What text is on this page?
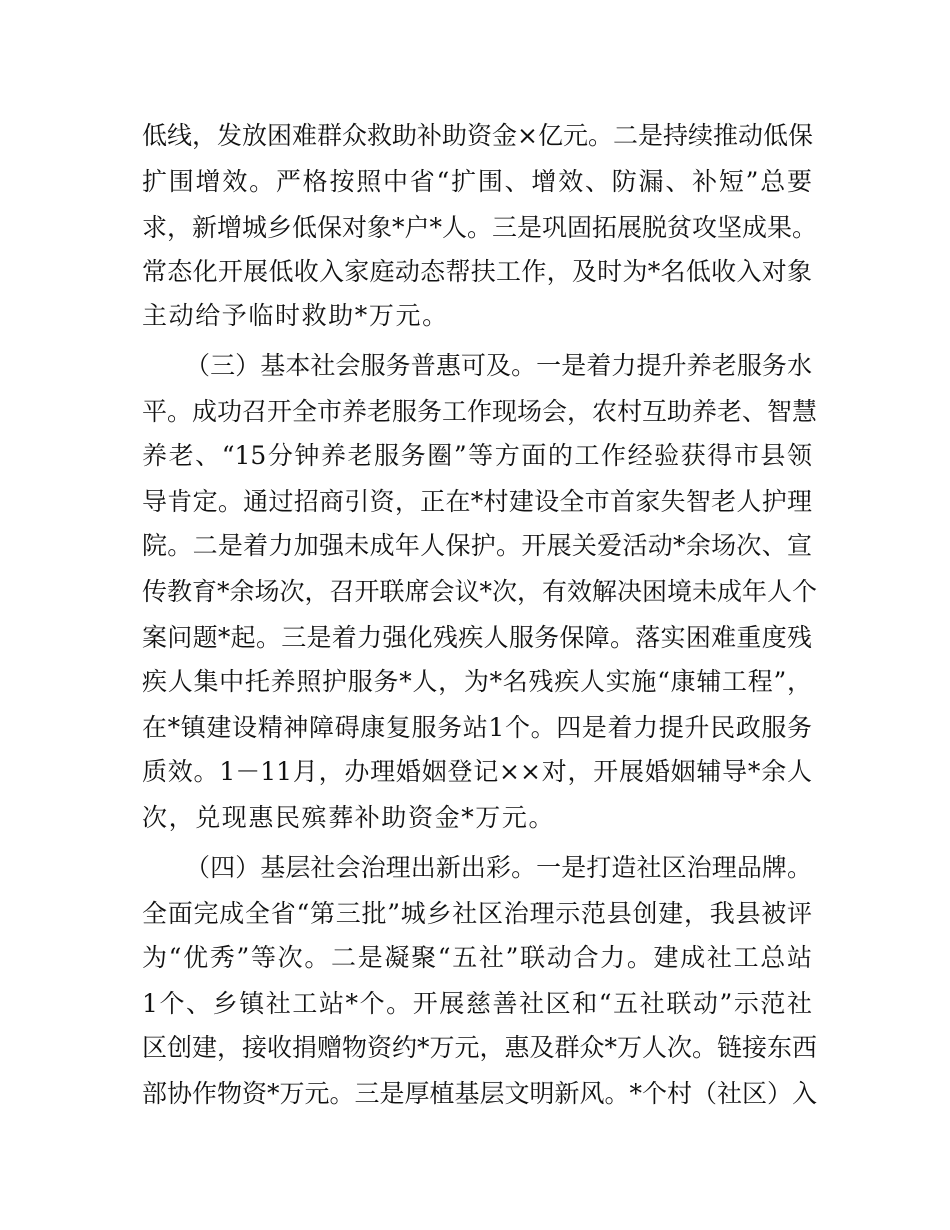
低线，发放困难群众救助补助资金×亿元。二是持续推动低保
扩围增效。严格按照中省“扩围、增效、防漏、补短”总要
求，新增城乡低保对象*户*人。三是巩固拓展脱贫攻坚成果。
常态化开展低收入家庭动态帮扶工作，及时为*名低收入对象
主动给予临时救助*万元。
（三）基本社会服务普惠可及。一是着力提升养老服务水
平。成功召开全市养老服务工作现场会，农村互助养老、智慧
养老、“15分钟养老服务圈”等方面的工作经验获得市县领
导肯定。通过招商引资，正在*村建设全市首家失智老人护理
院。二是着力加强未成年人保护。开展关爱活动*余场次、宣
传教育*余场次，召开联席会议*次，有效解决困境未成年人个
案问题*起。三是着力强化残疾人服务保障。落实困难重度残
疾人集中托养照护服务*人，为*名残疾人实施“康辅工程”，
在*镇建设精神障碍康复服务站1个。四是着力提升民政服务
质效。1－11月，办理婚姻登记××对，开展婚姻辅导*余人
次，兑现惠民殡葬补助资金*万元。
（四）基层社会治理出新出彩。一是打造社区治理品牌。
全面完成全省“第三批”城乡社区治理示范县创建，我县被评
为“优秀”等次。二是凝聚“五社”联动合力。建成社工总站
1个、乡镇社工站*个。开展慈善社区和“五社联动”示范社
区创建，接收捐赠物资约*万元，惠及群众*万人次。链接东西
部协作物资*万元。三是厚植基层文明新风。*个村（社区）入
